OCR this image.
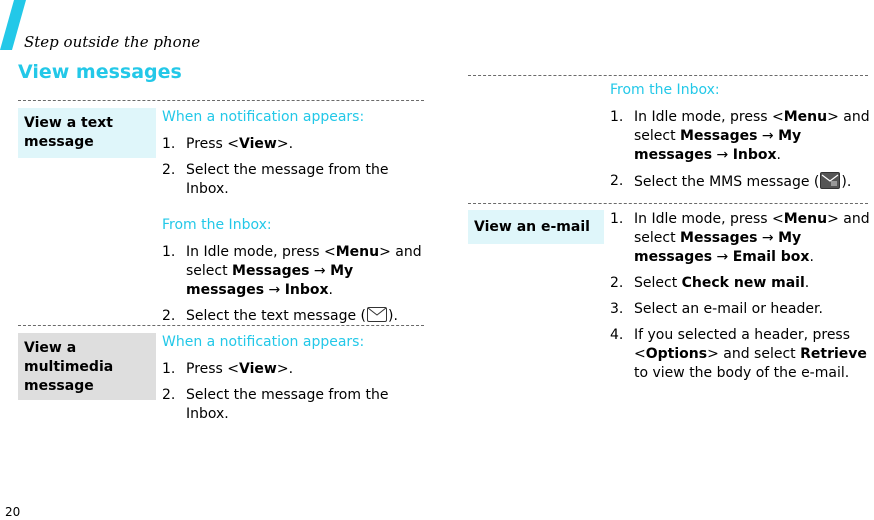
Step outside the phone
View messages
View a text message

When a notification appears:

1. Press <View>.
2. Select the message from the Inbox.

From the Inbox:

1. In Idle mode, press <Menu> and select Messages → My messages → Inbox.
2. Select the text message ( ).
View a multimedia message

When a notification appears:

1. Press <View>.
2. Select the message from the Inbox.

From the Inbox:

1. In Idle mode, press <Menu> and select Messages → My messages → Inbox.
2. Select the MMS message ( ).
View an e-mail	1. In Idle mode, press <Menu> and select Messages → My messages → Email box.
2. Select Check new mail.
3. Select an e-mail or header.
4. If you selected a header, press <Options> and select Retrieve to view the body of the e-mail.
20
